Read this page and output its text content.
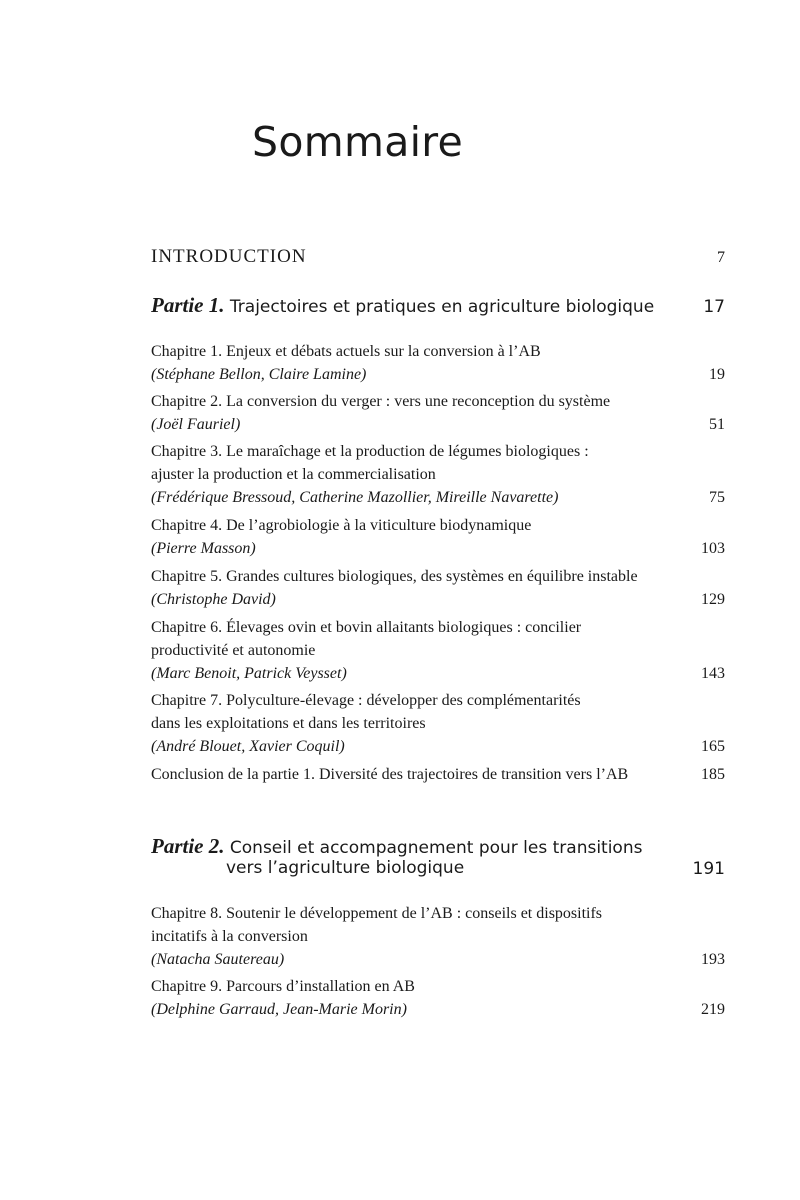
Sommaire
INTRODUCTION	7
Partie 1. Trajectoires et pratiques en agriculture biologique	17
Chapitre 1. Enjeux et débats actuels sur la conversion à l’AB
(Stéphane Bellon, Claire Lamine)	19
Chapitre 2. La conversion du verger : vers une reconception du système
(Joël Fauriel)	51
Chapitre 3. Le maraîchage et la production de légumes biologiques :
ajuster la production et la commercialisation
(Frédérique Bressoud, Catherine Mazollier, Mireille Navarette)	75
Chapitre 4. De l’agrobiologie à la viticulture biodynamique
(Pierre Masson)	103
Chapitre 5. Grandes cultures biologiques, des systèmes en équilibre instable
(Christophe David)	129
Chapitre 6. Élevages ovin et bovin allaitants biologiques : concilier
productivité et autonomie
(Marc Benoit, Patrick Veysset)	143
Chapitre 7. Polyculture-élevage : développer des complémentarités
dans les exploitations et dans les territoires
(André Blouet, Xavier Coquil)	165
Conclusion de la partie 1. Diversité des trajectoires de transition vers l’AB	185
Partie 2. Conseil et accompagnement pour les transitions
vers l’agriculture biologique	191
Chapitre 8. Soutenir le développement de l’AB : conseils et dispositifs
incitatifs à la conversion
(Natacha Sautereau)	193
Chapitre 9. Parcours d’installation en AB
(Delphine Garraud, Jean-Marie Morin)	219
